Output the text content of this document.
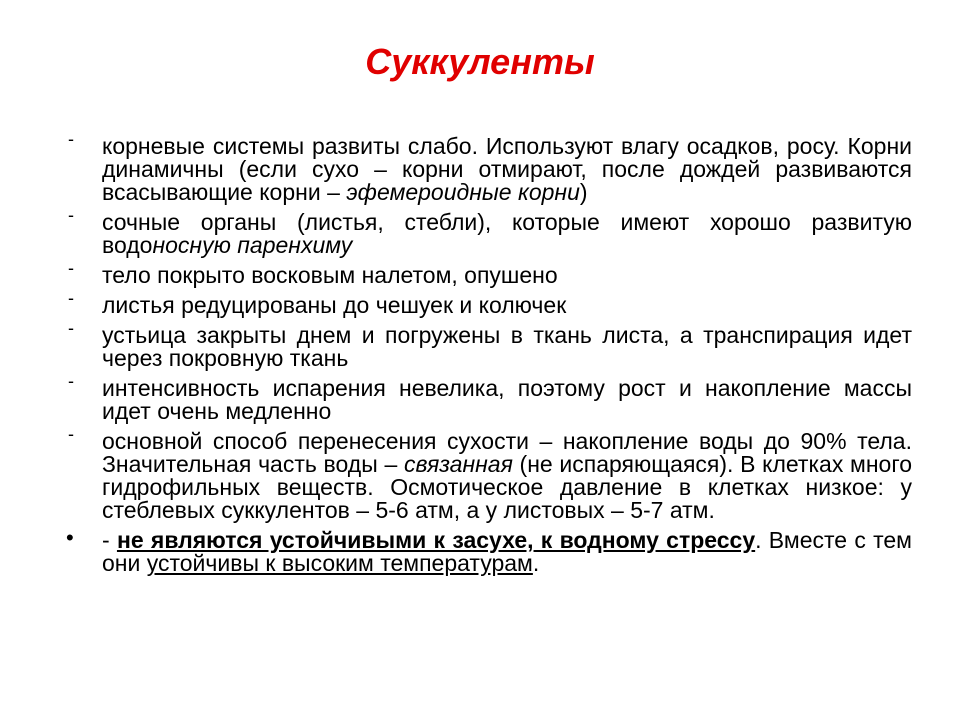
Суккуленты
- корневые системы развиты слабо. Используют влагу осадков, росу. Корни динамичны (если сухо – корни отмирают, после дождей развиваются всасывающие корни – эфемероидные корни)
- сочные органы (листья, стебли), которые имеют хорошо развитую водоносную паренхиму
- тело покрыто восковым налетом, опушено
- листья редуцированы до чешуек и колючек
- устьица закрыты днем и погружены в ткань листа, а транспирация идет через покровную ткань
- интенсивность испарения невелика, поэтому рост и накопление массы идет очень медленно
- основной способ перенесения сухости – накопление воды до 90% тела. Значительная часть воды – связанная (не испаряющаяся). В клетках много гидрофильных веществ. Осмотическое давление в клетках низкое: у стеблевых суккулентов – 5-6 атм, а у листовых – 5-7 атм.
• - не являются устойчивыми к засухе, к водному стрессу. Вместе с тем они устойчивы к высоким температурам.
